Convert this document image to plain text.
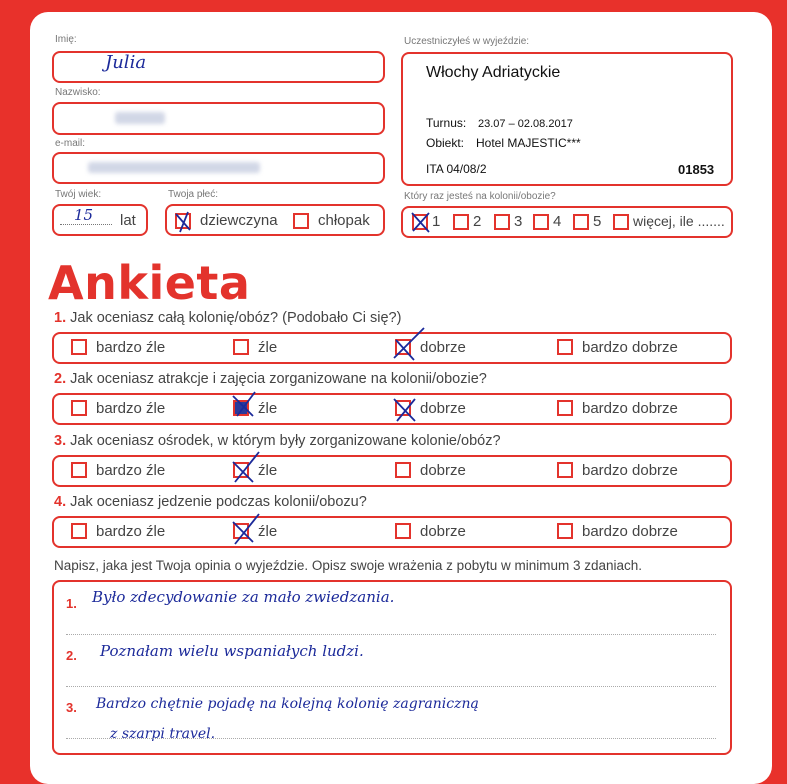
Imię:
Julia
Nazwisko:
e-mail:
Twój wiek:
15 lat
Twoja płeć:
dziewczyna	chłopak
Uczestniczyłeś w wyjeździe:
Włochy Adriatyckie
Turnus: 23.07 – 02.08.2017
Obiekt: Hotel MAJESTIC***
ITA 04/08/2	01853
Który raz jesteś na kolonii/obozie?
1 2 3 4 5 więcej, ile .......
Ankieta
1. Jak oceniasz całą kolonię/obóz? (Podobało Ci się?)
bardzo źle	źle	dobrze	bardzo dobrze
2. Jak oceniasz atrakcje i zajęcia zorganizowane na kolonii/obozie?
bardzo źle	źle	dobrze	bardzo dobrze
3. Jak oceniasz ośrodek, w którym były zorganizowane kolonie/obóz?
bardzo źle	źle	dobrze	bardzo dobrze
4. Jak oceniasz jedzenie podczas kolonii/obozu?
bardzo źle	źle	dobrze	bardzo dobrze
Napisz, jaka jest Twoja opinia o wyjeździe. Opisz swoje wrażenia z pobytu w minimum 3 zdaniach.
1. Było zdecydowanie za mało zwiedzania.
2. Poznałam wielu wspaniałych ludzi.
3. Bardzo chętnie pojadę na kolejną kolonię zagraniczną
z szarpi travel.
